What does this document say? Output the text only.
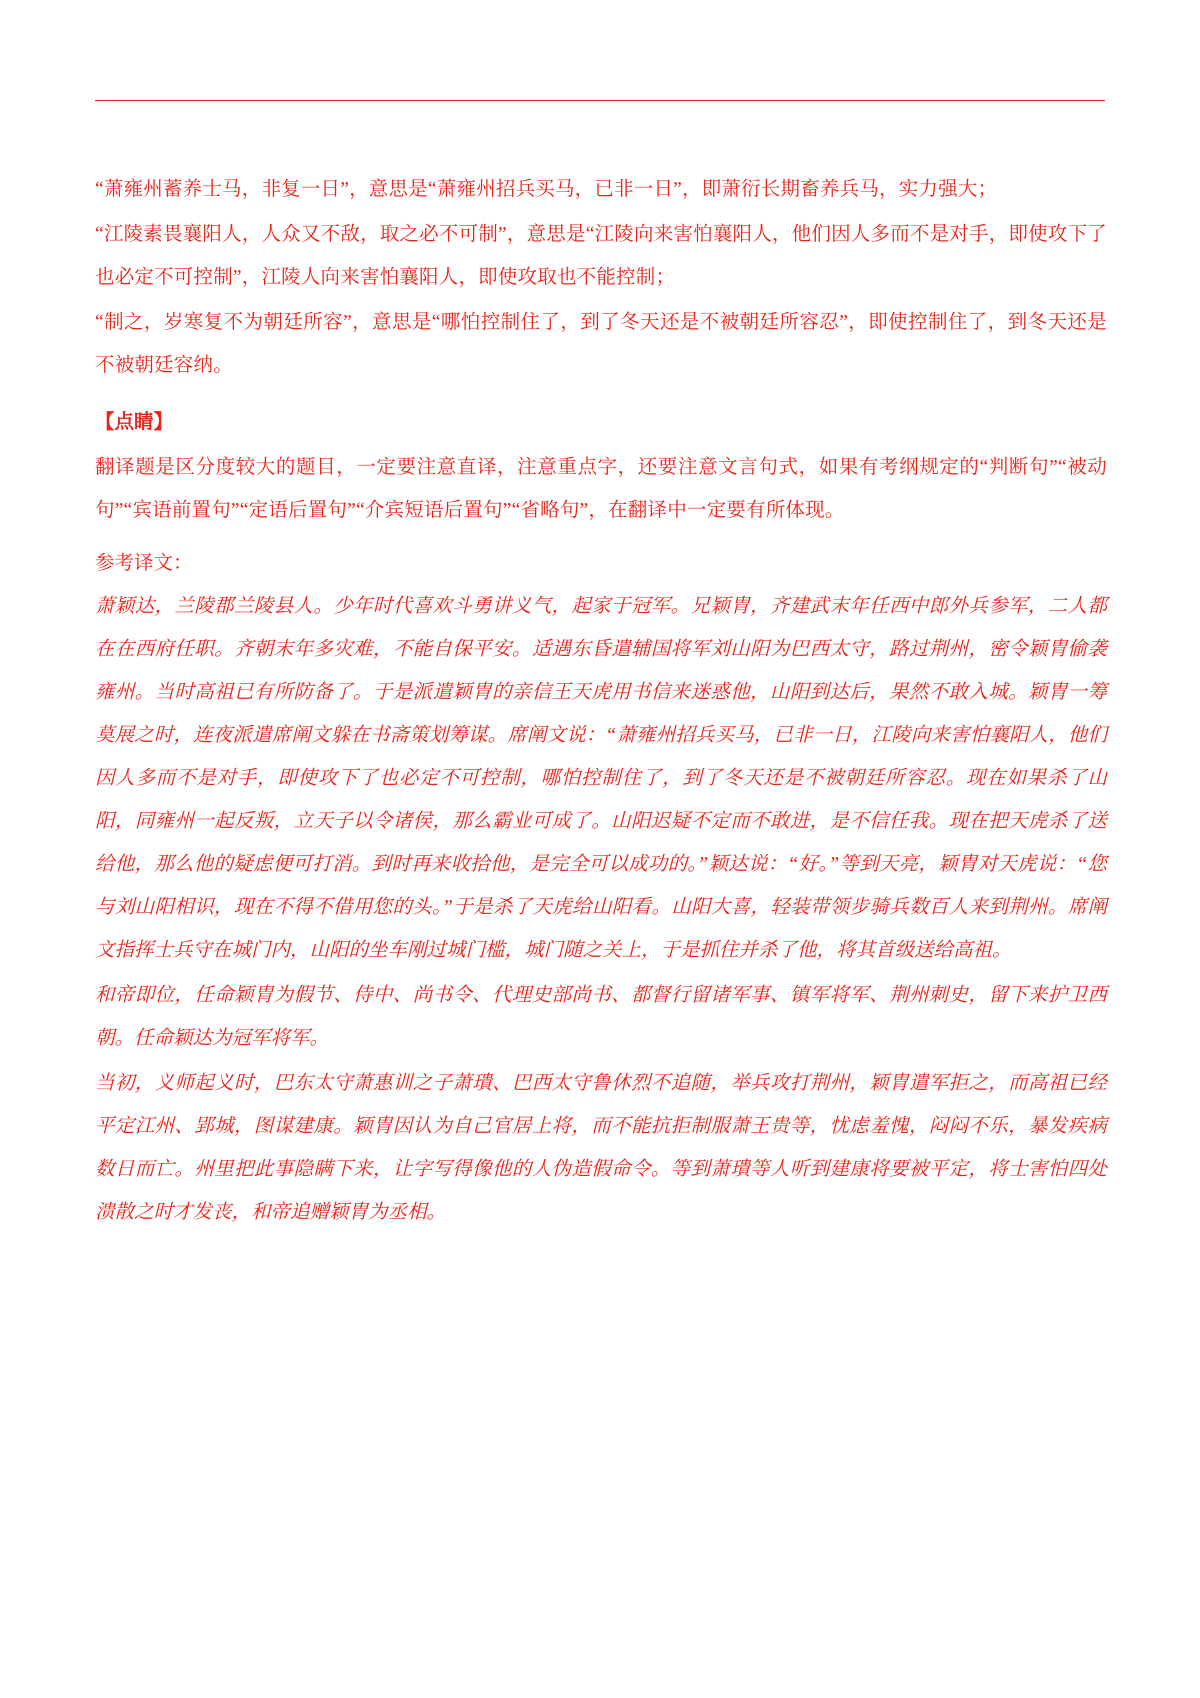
“萧雍州蓄养士马，非复一日”，意思是“萧雍州招兵买马，已非一日”，即萧衍长期畜养兵马，实力强大；

“江陵素畏襄阳人，人众又不敌，取之必不可制”，意思是“江陵向来害怕襄阳人，他们因人多而不是对手，即使攻下了也必定不可控制”，江陵人向来害怕襄阳人，即使攻取也不能控制；

“制之，岁寒复不为朝廷所容”，意思是“哪怕控制住了，到了冬天还是不被朝廷所容忍”，即使控制住了，到冬天还是不被朝廷容纳。

【点睛】

翻译题是区分度较大的题目，一定要注意直译，注意重点字，还要注意文言句式，如果有考纲规定的“判断句”“被动句”“宾语前置句”“定语后置句”“介宾短语后置句”“省略句”，在翻译中一定要有所体现。

参考译文：

萧颖达，兰陵郡兰陵县人。少年时代喜欢斗勇讲义气，起家于冠军。兄颖胄，齐建武末年任西中郎外兵参军，二人都在在西府任职。齐朝末年多灾难，不能自保平安。适遇东昏遣辅国将军刘山阳为巴西太守，路过荆州，密令颖胄偷袭雍州。当时高祖已有所防备了。于是派遣颖胄的亲信王天虎用书信来迷惑他，山阳到达后，果然不敢入城。颖胄一筹莫展之时，连夜派遣席阐文躲在书斋策划筹谋。席阐文说：“萧雍州招兵买马，已非一日，江陵向来害怕襄阳人，他们因人多而不是对手，即使攻下了也必定不可控制，哪怕控制住了，到了冬天还是不被朝廷所容忍。现在如果杀了山阳，同雍州一起反叛，立天子以令诸侯，那么霸业可成了。山阳迟疑不定而不敢进，是不信任我。现在把天虎杀了送给他，那么他的疑虑便可打消。到时再来收拾他，是完全可以成功的。”颖达说：“好。”等到天亮，颖胄对天虎说：“您与刘山阳相识，现在不得不借用您的头。”于是杀了天虎给山阳看。山阳大喜，轻装带领步骑兵数百人来到荆州。席阐文指挥士兵守在城门内，山阳的坐车刚过城门槛，城门随之关上，于是抓住并杀了他，将其首级送给高祖。

和帝即位，任命颖胄为假节、侍中、尚书令、代理史部尚书、都督行留诸军事、镇军将军、荆州刺史，留下来护卫西朝。任命颖达为冠军将军。

当初，义师起义时，巴东太守萧惠训之子萧璝、巴西太守鲁休烈不追随，举兵攻打荆州，颖胄遣军拒之，而高祖已经平定江州、郢城，图谋建康。颖胄因认为自己官居上将，而不能抗拒制服萧王贵等，忧虑羞愧，闷闷不乐，暴发疾病数日而亡。州里把此事隐瞒下来，让字写得像他的人伪造假命令。等到萧璝等人听到建康将要被平定，将士害怕四处溃散之时才发丧，和帝追赠颖胄为丞相。
